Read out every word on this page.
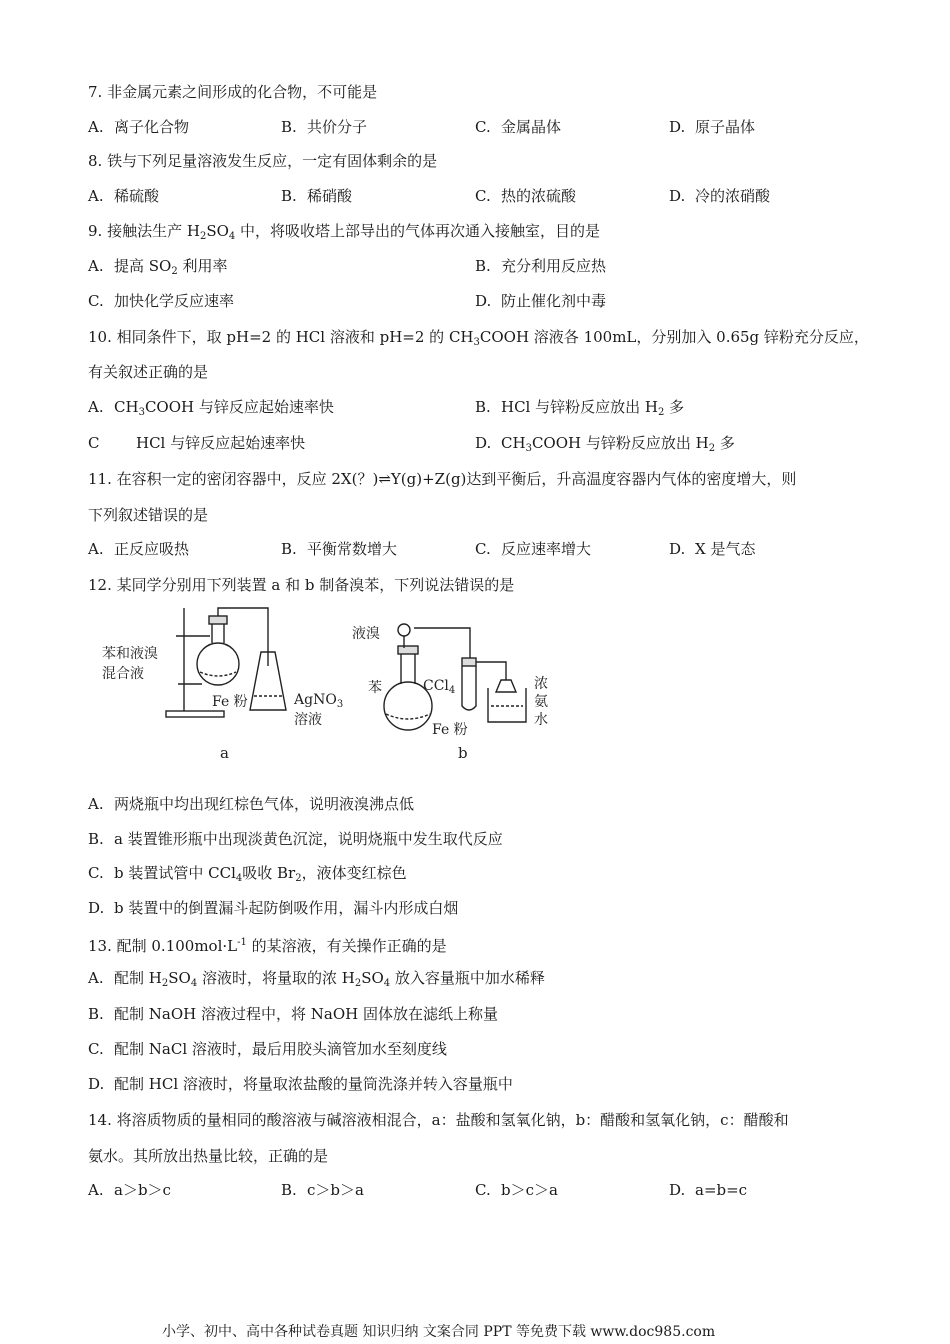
7. 非金属元素之间形成的化合物，不可能是
A. 离子化合物	B. 共价分子	C. 金属晶体	D. 原子晶体
8. 铁与下列足量溶液发生反应，一定有固体剩余的是
A. 稀硫酸	B. 稀硝酸	C. 热的浓硫酸	D. 冷的浓硝酸
9. 接触法生产 $H_2SO_4$ 中，将吸收塔上部导出的气体再次通入接触室，目的是
A. 提高 $SO_2$ 利用率	B. 充分利用反应热
C. 加快化学反应速率	D. 防止催化剂中毒
10. 相同条件下，取 pH=2 的 HCl 溶液和 pH=2 的 $CH_3COOH$ 溶液各 100mL，分别加入 0.65g 锌粉充分反应，
有关叙述正确的是
A. $CH_3COOH$ 与锌反应起始速率快	B. HCl 与锌粉反应放出 $H_2$ 多
C HCl 与锌反应起始速率快	D. $CH_3COOH$ 与锌粉反应放出 $H_2$ 多
11. 在容积一定的密闭容器中，反应 2X(？)⇌Y(g)+Z(g)达到平衡后，升高温度容器内气体的密度增大，则
下列叙述错误的是
A. 正反应吸热	B. 平衡常数增大	C. 反应速率增大	D. X 是气态
12. 某同学分别用下列装置 a 和 b 制备溴苯，下列说法错误的是
苯和液溴
混合液
Fe 粉	AgNO$_3$
溶液
a
液溴
苯	CCl$_4$
Fe 粉
浓
氨
水
b
A. 两烧瓶中均出现红棕色气体，说明液溴沸点低
B. a 装置锥形瓶中出现淡黄色沉淀，说明烧瓶中发生取代反应
C. b 装置试管中 CCl$_4$吸收 $Br_2$，液体变红棕色
D. b 装置中的倒置漏斗起防倒吸作用，漏斗内形成白烟
13. 配制 $0.100mol\cdot L^{-1}$ 的某溶液，有关操作正确的是
A. 配制 $H_2SO_4$ 溶液时，将量取的浓 $H_2SO_4$ 放入容量瓶中加水稀释
B. 配制 NaOH 溶液过程中，将 NaOH 固体放在滤纸上称量
C. 配制 NaCl 溶液时，最后用胶头滴管加水至刻度线
D. 配制 HCl 溶液时，将量取浓盐酸的量筒洗涤并转入容量瓶中
14. 将溶质物质的量相同的酸溶液与碱溶液相混合，a：盐酸和氢氧化钠，b：醋酸和氢氧化钠，c：醋酸和
氨水。其所放出热量比较，正确的是
A. a＞b＞c	B. c＞b＞a	C. b＞c＞a	D. a=b=c
小学、初中、高中各种试卷真题 知识归纳 文案合同 PPT 等免费下载 www.doc985.com
